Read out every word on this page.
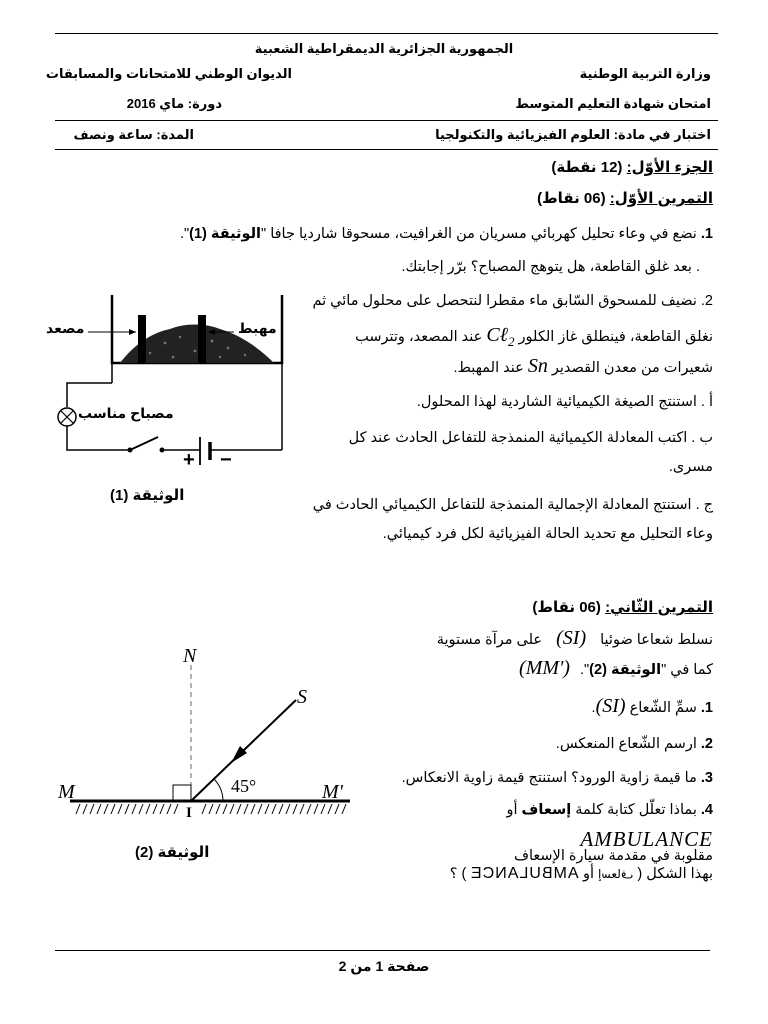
الجمهورية الجزائرية الديمقراطية الشعبية
وزارة التربية الوطنية
الديوان الوطني للامتحانات والمسابقات
امتحان شهادة التعليم المتوسط
دورة: ماي 2016
اختبار في مادة: العلوم الفيزيائية والتكنولجيا
المدة: ساعة ونصف
الجزء الأوّل: (12 نقطة)
التمرين الأوّل: (06 نقاط)
1. نضع في وعاء تحليل كهربائي مسريان من الغرافيت، مسحوقا شارديا جافا "الوثيقة (1)".
. بعد غلق القاطعة، هل يتوهج المصباح؟ برّر إجابتك.
2. نضيف للمسحوق السّابق ماء مقطرا لنتحصل على محلول مائي ثم
نغلق القاطعة، فينطلق غاز الكلور Cℓ$_2$ عند المصعد، وتترسب
شعيرات من معدن القصدير Sn عند المهبط.
أ . استنتج الصيغة الكيميائية الشاردية لهذا المحلول.
ب . اكتب المعادلة الكيميائية المنمذجة للتفاعل الحادث عند كل
مسرى.
ج . استنتج المعادلة الإجمالية المنمذجة للتفاعل الكيميائي الحادث في
وعاء التحليل مع تحديد الحالة الفيزيائية لكل فرد كيميائي.
مصعد	مهبط
مصباح مناسب
+ −
الوثيقة (1)
التمرين الثّاني: (06 نقاط)
نسلط شعاعا ضوئيا (SI) على مرآة مستوية
كما في "الوثيقة (2)". (MM')
1. سمِّ الشّعاع (SI).
2. ارسم الشّعاع المنعكس.
3. ما قيمة زاوية الورود؟ استنتج قيمة زاوية الانعكاس.
4. بماذا تعلّل كتابة كلمة إسعاف أو
AMBULANCE
مقلوبة في مقدمة سيارة الإسعاف
بهذا الشكل ( إسعاف أو AMBULANCE ) ؟
N
S
45°
M	M'
I
الوثيقة (2)
صفحة 1 من 2
